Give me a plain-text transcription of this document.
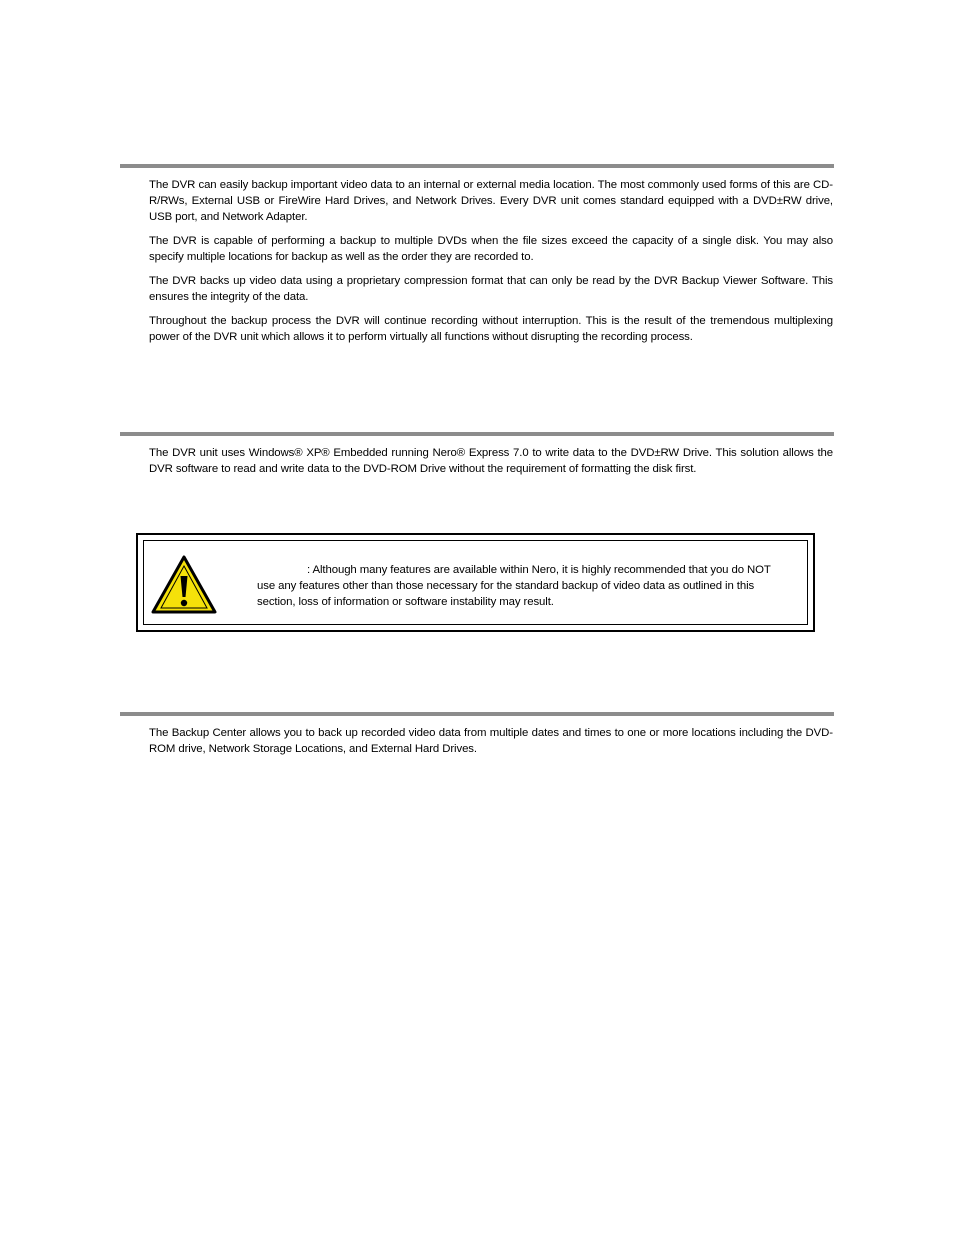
The DVR can easily backup important video data to an internal or external media location. The most commonly used forms of this are CD-R/RWs, External USB or FireWire Hard Drives, and Network Drives. Every DVR unit comes standard equipped with a DVD±RW drive, USB port, and Network Adapter.

The DVR is capable of performing a backup to multiple DVDs when the file sizes exceed the capacity of a single disk. You may also specify multiple locations for backup as well as the order they are recorded to.

The DVR backs up video data using a proprietary compression format that can only be read by the DVR Backup Viewer Software. This ensures the integrity of the data.

Throughout the backup process the DVR will continue recording without interruption. This is the result of the tremendous multiplexing power of the DVR unit which allows it to perform virtually all functions without disrupting the recording process.

The DVR unit uses Windows® XP® Embedded running Nero® Express 7.0 to write data to the DVD±RW Drive. This solution allows the DVR software to read and write data to the DVD-ROM Drive without the requirement of formatting the disk first.

: Although many features are available within Nero, it is highly recommended that you do NOT
use any features other than those necessary for the standard backup of video data as outlined in this
section, loss of information or software instability may result.

The Backup Center allows you to back up recorded video data from multiple dates and times to one or more locations including the DVD-ROM drive, Network Storage Locations, and External Hard Drives.
